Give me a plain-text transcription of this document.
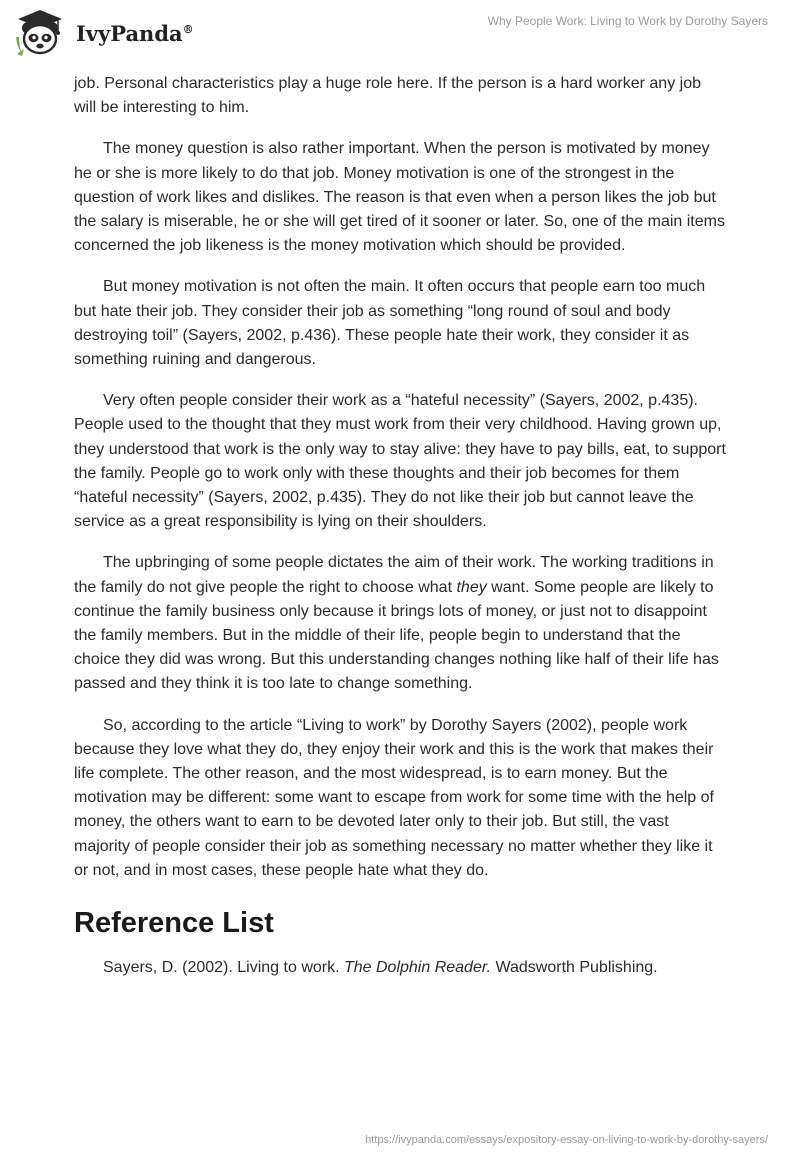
IvyPanda®
Why People Work: Living to Work by Dorothy Sayers

job. Personal characteristics play a huge role here. If the person is a hard worker any job will be interesting to him.

The money question is also rather important. When the person is motivated by money he or she is more likely to do that job. Money motivation is one of the strongest in the question of work likes and dislikes. The reason is that even when a person likes the job but the salary is miserable, he or she will get tired of it sooner or later. So, one of the main items concerned the job likeness is the money motivation which should be provided.

But money motivation is not often the main. It often occurs that people earn too much but hate their job. They consider their job as something “long round of soul and body destroying toil” (Sayers, 2002, p.436). These people hate their work, they consider it as something ruining and dangerous.

Very often people consider their work as a “hateful necessity” (Sayers, 2002, p.435). People used to the thought that they must work from their very childhood. Having grown up, they understood that work is the only way to stay alive: they have to pay bills, eat, to support the family. People go to work only with these thoughts and their job becomes for them “hateful necessity” (Sayers, 2002, p.435). They do not like their job but cannot leave the service as a great responsibility is lying on their shoulders.

The upbringing of some people dictates the aim of their work. The working traditions in the family do not give people the right to choose what they want. Some people are likely to continue the family business only because it brings lots of money, or just not to disappoint the family members. But in the middle of their life, people begin to understand that the choice they did was wrong. But this understanding changes nothing like half of their life has passed and they think it is too late to change something.

So, according to the article “Living to work” by Dorothy Sayers (2002), people work because they love what they do, they enjoy their work and this is the work that makes their life complete. The other reason, and the most widespread, is to earn money. But the motivation may be different: some want to escape from work for some time with the help of money, the others want to earn to be devoted later only to their job. But still, the vast majority of people consider their job as something necessary no matter whether they like it or not, and in most cases, these people hate what they do.

Reference List

Sayers, D. (2002). Living to work. The Dolphin Reader. Wadsworth Publishing.

https://ivypanda.com/essays/expository-essay-on-living-to-work-by-dorothy-sayers/
